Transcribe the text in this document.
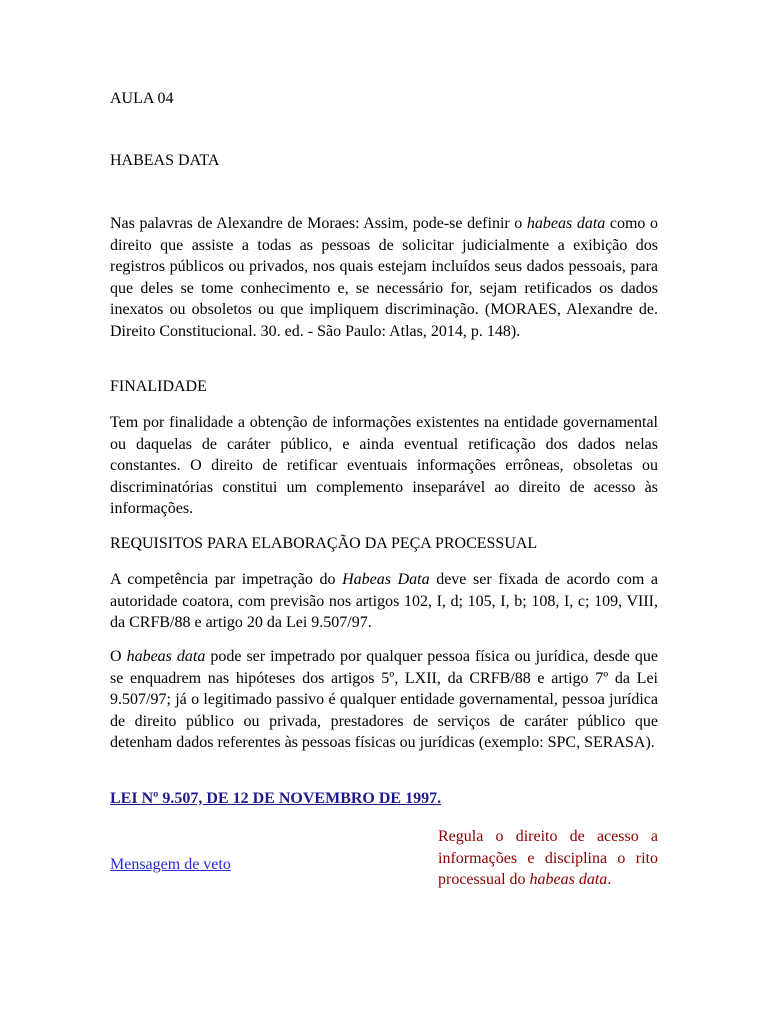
AULA 04
HABEAS DATA
Nas palavras de Alexandre de Moraes: Assim, pode-se definir o habeas data como o direito que assiste a todas as pessoas de solicitar judicialmente a exibição dos registros públicos ou privados, nos quais estejam incluídos seus dados pessoais, para que deles se tome conhecimento e, se necessário for, sejam retificados os dados inexatos ou obsoletos ou que impliquem discriminação. (MORAES, Alexandre de. Direito Constitucional. 30. ed. - São Paulo: Atlas, 2014, p. 148).
FINALIDADE
Tem por finalidade a obtenção de informações existentes na entidade governamental ou daquelas de caráter público, e ainda eventual retificação dos dados nelas constantes. O direito de retificar eventuais informações errôneas, obsoletas ou discriminatórias constitui um complemento inseparável ao direito de acesso às informações.
REQUISITOS PARA ELABORAÇÃO DA PEÇA PROCESSUAL
A competência par impetração do Habeas Data deve ser fixada de acordo com a autoridade coatora, com previsão nos artigos 102, I, d; 105, I, b; 108, I, c; 109, VIII, da CRFB/88 e artigo 20 da Lei 9.507/97.
O habeas data pode ser impetrado por qualquer pessoa física ou jurídica, desde que se enquadrem nas hipóteses dos artigos 5º, LXII, da CRFB/88 e artigo 7º da Lei 9.507/97; já o legitimado passivo é qualquer entidade governamental, pessoa jurídica de direito público ou privada, prestadores de serviços de caráter público que detenham dados referentes às pessoas físicas ou jurídicas (exemplo: SPC, SERASA).
LEI Nº 9.507, DE 12 DE NOVEMBRO DE 1997.
Mensagem de veto
Regula o direito de acesso a informações e disciplina o rito processual do habeas data.
